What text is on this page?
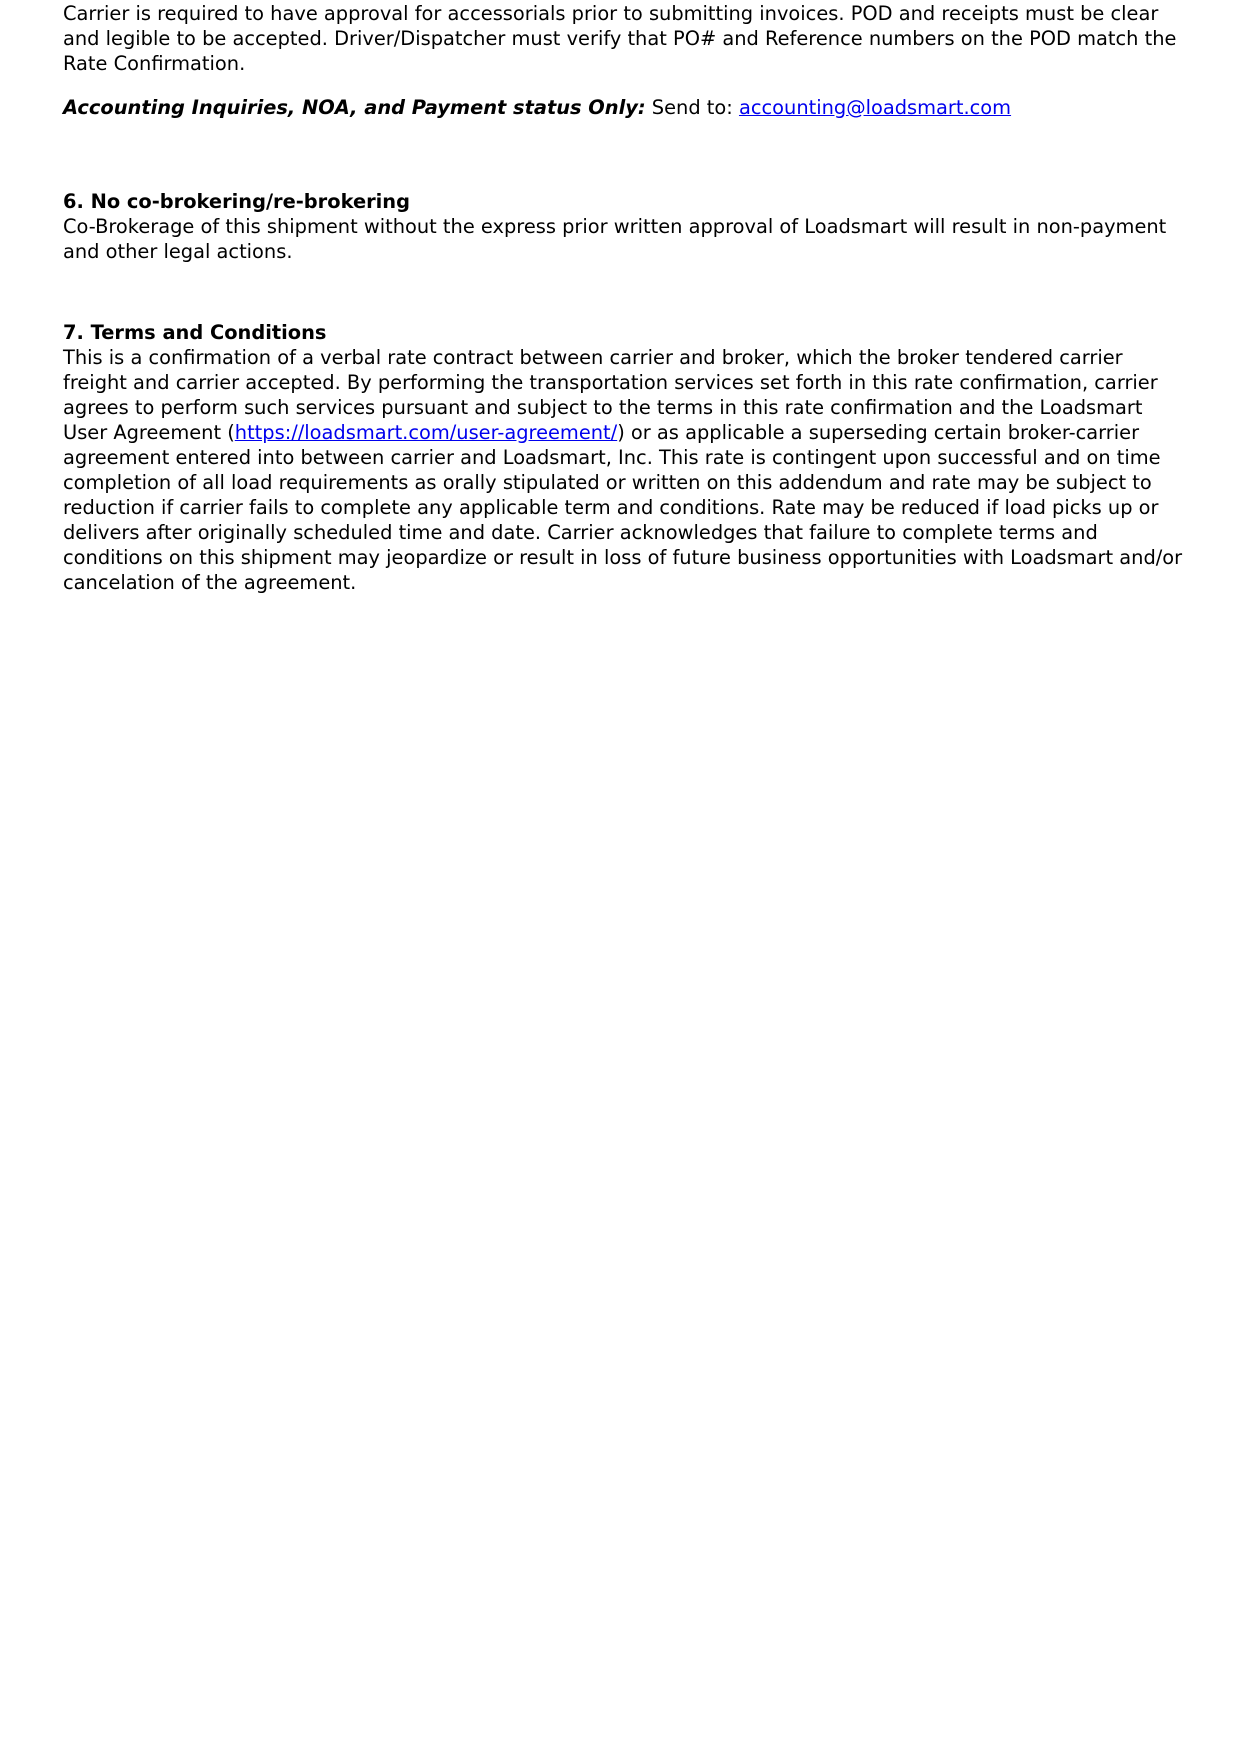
Carrier is required to have approval for accessorials prior to submitting invoices. POD and receipts must be clear and legible to be accepted. Driver/Dispatcher must verify that PO# and Reference numbers on the POD match the Rate Confirmation.

Accounting Inquiries, NOA, and Payment status Only: Send to: accounting@loadsmart.com

6. No co-brokering/re-brokering

Co-Brokerage of this shipment without the express prior written approval of Loadsmart will result in non-payment and other legal actions.

7. Terms and Conditions

This is a confirmation of a verbal rate contract between carrier and broker, which the broker tendered carrier freight and carrier accepted. By performing the transportation services set forth in this rate confirmation, carrier agrees to perform such services pursuant and subject to the terms in this rate confirmation and the Loadsmart User Agreement (https://loadsmart.com/user-agreement/) or as applicable a superseding certain broker-carrier agreement entered into between carrier and Loadsmart, Inc. This rate is contingent upon successful and on time completion of all load requirements as orally stipulated or written on this addendum and rate may be subject to reduction if carrier fails to complete any applicable term and conditions. Rate may be reduced if load picks up or delivers after originally scheduled time and date. Carrier acknowledges that failure to complete terms and conditions on this shipment may jeopardize or result in loss of future business opportunities with Loadsmart and/or cancelation of the agreement.
